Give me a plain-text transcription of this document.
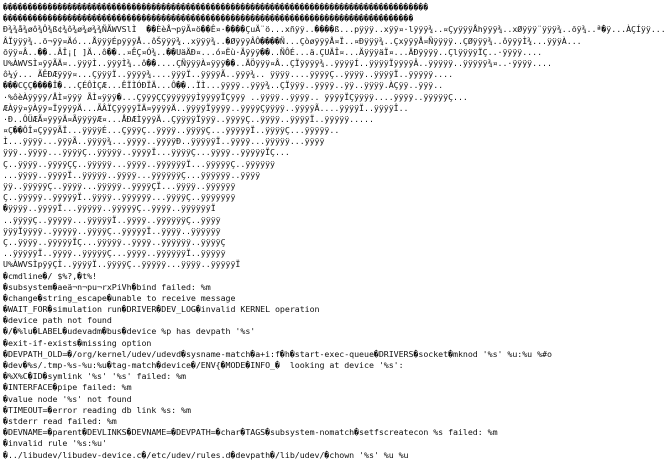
��������������������������������������������������������������������������������������
�����������������������������������������������������������������������������������
Ð¾¾å¾øô¾Ô¾ß¢¾ô¾ø¾ø¾¾ÑÃWVSlÌ  ��ÈèÅ¬pÿÃ¤ö��Ê¤·����ÇuÄ¨ö...xñÿÿ..����ß...pÿÿÿ..xÿÿ¤·lÿÿÿ¾..¤ÇyÿÿÿÅhÿÿÿ¾..xØÿÿÿ¨ÿÿÿ¾..õÿ¾..ª�ÿ...ÀÇÍÿÿ...
ÂÏÿÿÿ¾..õ¬ÿÿ¤Äó...ÅÿÿÿÉpÿÿÿÅ..ôŠÿÿÿ¾..xÿÿÿ¾..�ØÿÿÿÂÔ����Ñ...ÇòøÿÿÿÅ¤Ï..¤Ðÿÿÿ¾..ÇxÿÿÿÅ¤Ñÿÿÿÿ..ÇØÿÿÿ¾..ôÿÿÿÌ¾...ÿÿÿÀ...
õÿÿ¤Â..��..ÂÎ¡[ ]Ä..ô��..¤ÊÇ¤Ó¾..��UäÄÐ¤...ó¤Ëù·Äÿÿÿ��..ÑÔÉ...ä.ÇUÄÎ¤...ÄÿÿÿäÏ¤...ÄÐÿÿÿÿ..ÇlÿÿÿÿÏÇ..·ÿÿÿÿ....
U%ÀWVSÌ¤ÿÿÃÄ¤..ÿÿÿÌ..ÿÿÿÌ¾..ô��....ÇÑÿÿÿÀ¤ÿÿÿ��..ÄÖÿÿÿ¤Â..ÇÏÿÿÿÿ¾..ÿÿÿÿÍ..ÿÿÿÿÏÿÿÿÿÂ..ÿÿÿÿÿ..ÿÿÿÿÿ¾¤..·ÿÿÿÿ....
ô¼ý... ÃÊÐÆÿÿÿ¤...ÇÿÿÿÏ..ÿÿÿÿ¾....ÿÿÿÏ..ÿÿÿÿÃ..ÿÿÿ¾.. ÿÿÿÿ....ÿÿÿÿÇ..ÿÿÿÿ..ÿÿÿÿÏ..ÿÿÿÿÿ....
���CÇÇ����Î�...ÇÉÔÌÇÆ...ÊÏÌÓÐÏÄ...Ô��..ÏÌ...ÿÿÿÿ..ÿÿÿ¾..ÇÏÿÿÿ..ÿÿÿÿ..ÿÿ..ÿÿÿÿ.ÀÇÿÿ..ÿÿÿ..
·%ôèÀÿÿÿÿ/ÅÌ¤ÿÿÿ ÃÌ¤ÿÿÿ�...ÇÿÿÿÇÇÿÿÿÿÿÿÌÿÿÿÿÏÇÿÿÿ ..ÿÿÿÿ..ÿÿÿÿ.. ÿÿÿÿÏÇÿÿÿÿ....ÿÿÿÿ..ÿÿÿÿÿÇ...
ÆÀÿÿ¤ÿÀÿÿ¤ÏÿÿÿÿÄ...ÃÂÏÇÿÿÿÿÏÄ¤ÿÿÿÿÄ..ÿÿÿÿÏÿÿÿÿ..ÿÿÿÿÇÿÿÿÿ..ÿÿÿÿÃ....ÿÿÿÿÏ..ÿÿÿÿÎ..
·Ð..ÔÜÆÃ¤ÿÿÿÄ¤ÃÿÿÿÿÆ¤...ÅÐÆÌÿÿÿÄ..ÇÿÿÿÿÏÿÿÿ..ÿÿÿÿÇ..ÿÿÿÿ..ÿÿÿÿÏ..ÿÿÿÿÿ.....
¤Ç��ÔÎ¤ÇÿÿÿÃÏ...ÿÿÿÿÉ...ÇÿÿÿÇ..ÿÿÿÿ..ÿÿÿÿÇ...ÿÿÿÿÿÏ..ÿÿÿÿÇ...ÿÿÿÿÿ..
Ì...ÿÿÿÿ...ÿÿÿÃ..ÿÿÿÿ¾...ÿÿÿÿ..ÿÿÿÿÐ..ÿÿÿÿÿÏ..ÿÿÿÿ...ÿÿÿÿÿ...ÿÿÿÿ
ÿÿÿ..ÿÿÿÿ...ÿÿÿÿÇ..ÿÿÿÿÿ..ÿÿÿÿÏ...ÿÿÿÿÇ...ÿÿÿÿ..ÿÿÿÿÿÏÇ...
Ç..ÿÿÿÿ..ÿÿÿÿÇÇ..ÿÿÿÿÿ...ÿÿÿÿ..ÿÿÿÿÿÿÏ...ÿÿÿÿÿÇ..ÿÿÿÿÿÿ
...ÿÿÿÿ..ÿÿÿÿÏ..ÿÿÿÿÿ..ÿÿÿÿ...ÿÿÿÿÿÿÇ...ÿÿÿÿÿÿ..ÿÿÿÿ
ÿÿ..ÿÿÿÿÿÇ..ÿÿÿÿ...ÿÿÿÿÿ..ÿÿÿÿÇÏ...ÿÿÿÿ..ÿÿÿÿÿÿ
Ç..ÿÿÿÿÿ..ÿÿÿÿÿÏ..ÿÿÿÿ..ÿÿÿÿÿÿ...ÿÿÿÿÇ..ÿÿÿÿÿÿÿ
�ÿÿÿÿ..ÿÿÿÿÏ...ÿÿÿÿÿ..ÿÿÿÿÿÇ..ÿÿÿÿ..ÿÿÿÿÿÿÏ
..ÿÿÿÿÇ..ÿÿÿÿÿ...ÿÿÿÿÿÏ..ÿÿÿÿ..ÿÿÿÿÿÿÇ..ÿÿÿÿ
ÿÿÿÏÿÿÿÿ..ÿÿÿÿÿ..ÿÿÿÿÇ..ÿÿÿÿÿÏ..ÿÿÿÿ..ÿÿÿÿÿÿ
Ç..ÿÿÿÿ..ÿÿÿÿÿÏÇ...ÿÿÿÿÿ..ÿÿÿÿ..ÿÿÿÿÿÿ..ÿÿÿÿÇ
..ÿÿÿÿÿÏ..ÿÿÿÿ..ÿÿÿÿÿÇ...ÿÿÿÿ..ÿÿÿÿÿÿÏ..ÿÿÿÿÿ
U%ÀWVSÌpÿÿÇÌ..ÿÿÿÿÏ..ÿÿÿÿÇ..ÿÿÿÿÿ...ÿÿÿÿ..ÿÿÿÿÿÏ
�cmdline�/ $%?,�t%!
�subsystem�aeä¬n¬pu¬rxPiVh�bind failed: %m
�change�string_escape�unable to receive message
�WAIT_FOR�simulation run�DRIVER�DEV_LOG�invalid KERNEL operation
�device path not found
�/�%lu�LABEL�udevadm�bus�device %p has devpath '%s'
�exit-if-exists�missing option
�DEVPATH_OLD=�/org/kernel/udev/udevd�sysname-match�a+i:f�h�start-exec-queue�DRIVERS�socket�mknod '%s' %u:%u %#o
�dev�%s/.tmp-%s-%u:%u�tag-match�device�/ENV{�MODE�INFO_�  looking at device '%s':
�%X%C�ID�symlink '%s' '%s' failed: %m
�INTERFACE�pipe failed: %m
�value node '%s' not found
�TIMEOUT=�error reading db link %s: %m
�stderr read failed: %m
�DEVNAME=�parent�DEVLINKS�DEVNAME=�DEVPATH=�char�TAGS�subsystem-nomatch�setfscreatecon %s failed: %m
�invalid rule '%s:%u'
�../libudev/libudev-device.c�/etc/udev/rules.d�devpath�/lib/udev/�chown '%s' %u %u
